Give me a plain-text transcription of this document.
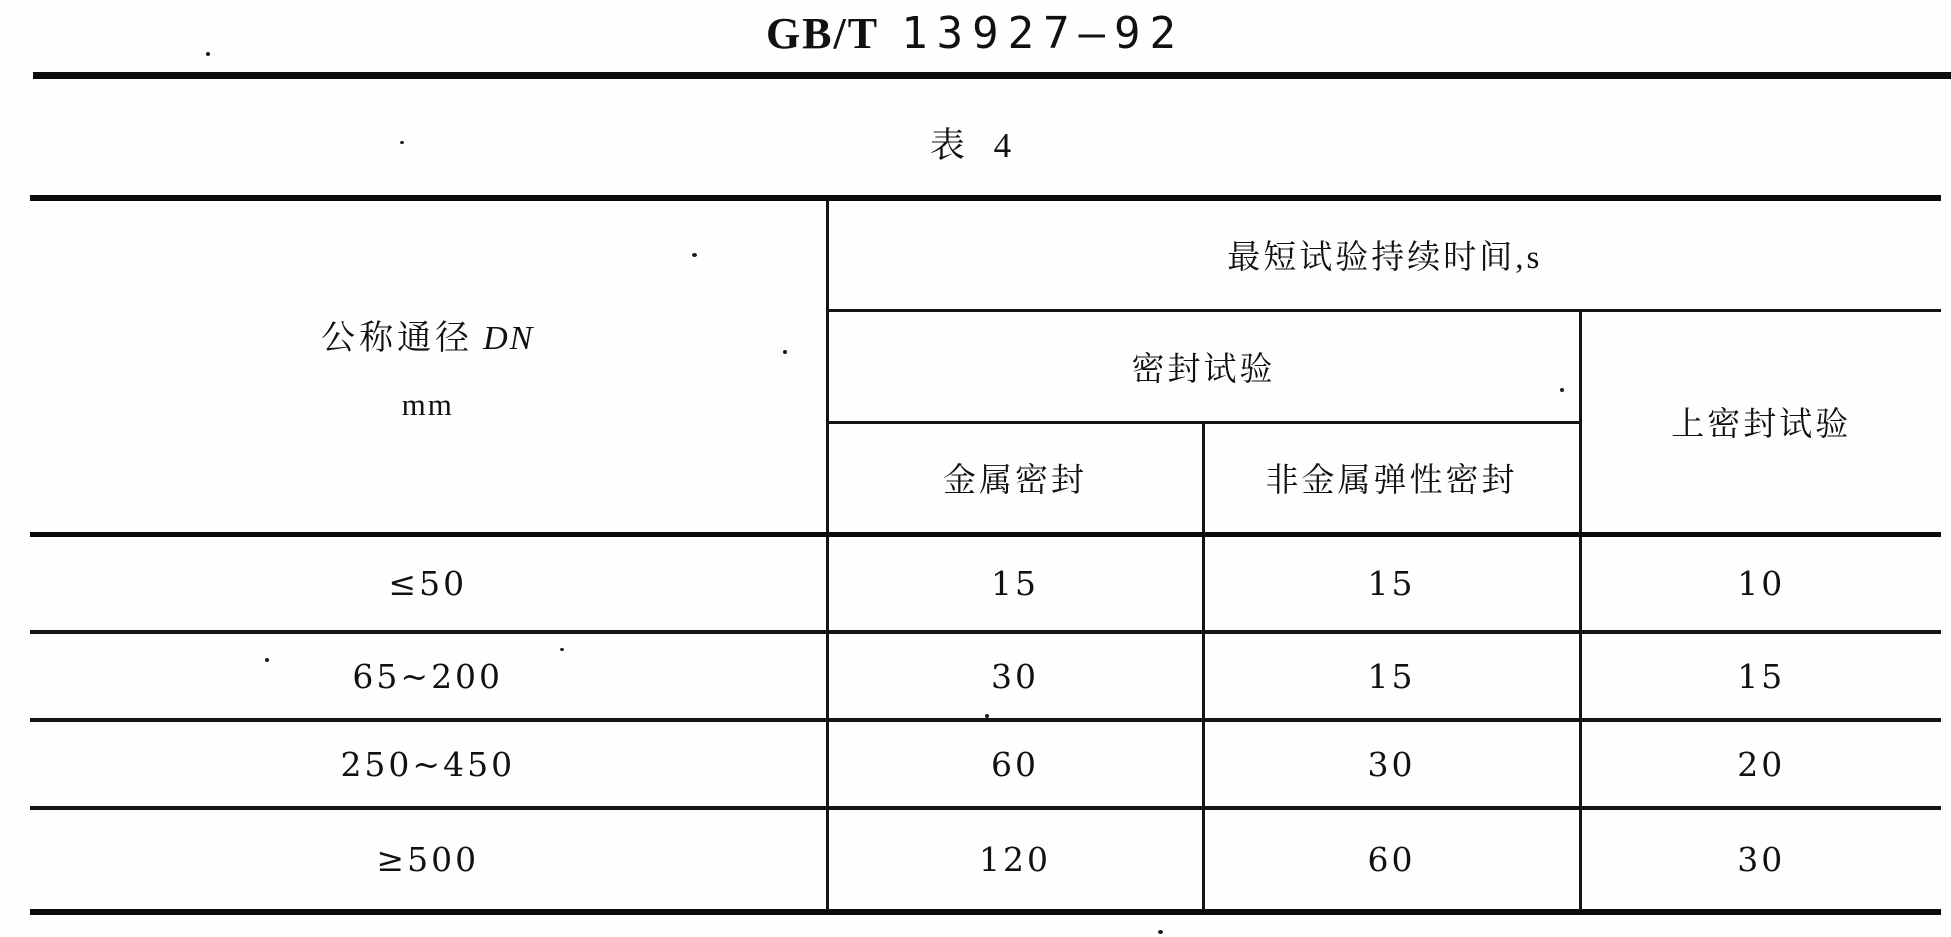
GB/T 13927—92
表 4
公称通径 DN
mm	最短试验持续时间,s		
	密封试验		上密封试验
	金属密封	非金属弹性密封	
≤50	15	15	10
65~200	30	15	15
250~450	60	30	20
≥500	120	60	30
